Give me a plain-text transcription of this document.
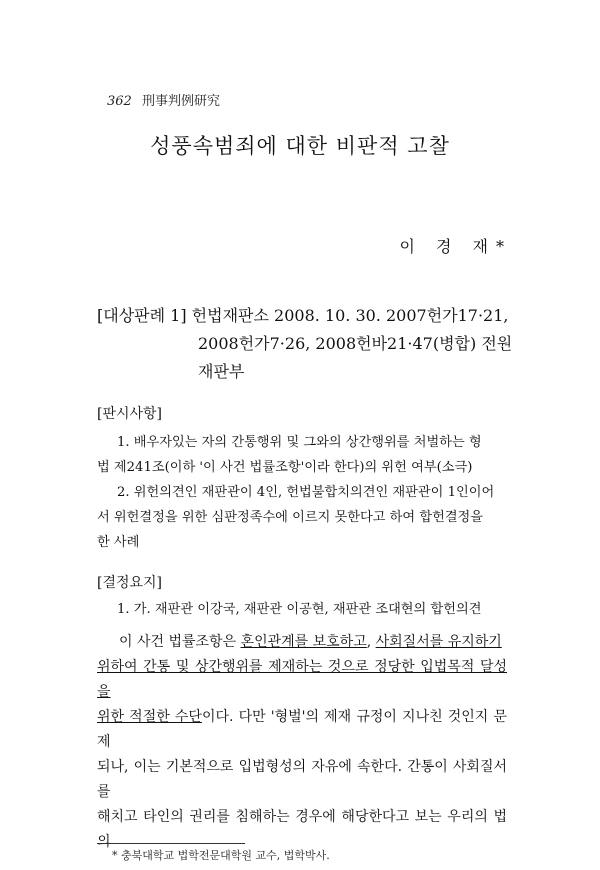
362 刑事判例研究
성풍속범죄에 대한 비판적 고찰
이 경 재*
[대상판례 1] 헌법재판소 2008. 10. 30. 2007헌가17·21,
2008헌가7·26, 2008헌바21·47(병합) 전원
재판부
[판시사항]
1. 배우자있는 자의 간통행위 및 그와의 상간행위를 처벌하는 형
법 제241조(이하 '이 사건 법률조항'이라 한다)의 위헌 여부(소극)
2. 위헌의견인 재판관이 4인, 헌법불합치의견인 재판관이 1인이어
서 위헌결정을 위한 심판정족수에 이르지 못한다고 하여 합헌결정을
한 사례
[결정요지]
1. 가. 재판관 이강국, 재판관 이공현, 재판관 조대현의 합헌의견
이 사건 법률조항은 혼인관계를 보호하고, 사회질서를 유지하기
위하여 간통 및 상간행위를 제재하는 것으로 정당한 입법목적 달성을
위한 적절한 수단이다. 다만 '형벌'의 제재 규정이 지나친 것인지 문제
되나, 이는 기본적으로 입법형성의 자유에 속한다. 간통이 사회질서를
해치고 타인의 권리를 침해하는 경우에 해당한다고 보는 우리의 법의
* 충북대학교 법학전문대학원 교수, 법학박사.
